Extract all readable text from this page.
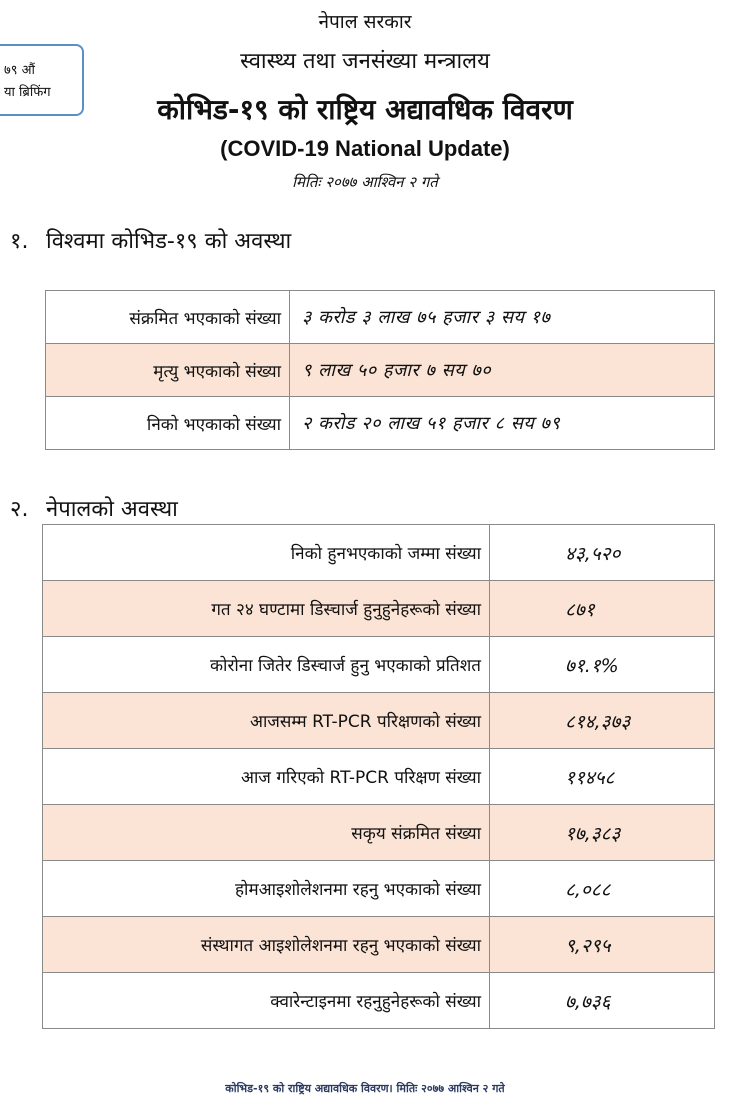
नेपाल सरकार
स्वास्थ्य तथा जनसंख्या मन्त्रालय
७९ औं
या ब्रिफिंग
कोभिड-१९ को राष्ट्रिय अद्यावधिक विवरण
(COVID-19 National Update)
मितिः २०७७ आश्विन २ गते
१. विश्वमा कोभिड-१९ को अवस्था
संक्रमित भएकाको संख्या	३ करोड ३ लाख ७५ हजार ३ सय १७
मृत्यु भएकाको संख्या	९ लाख ५० हजार ७ सय ७०
निको भएकाको संख्या	२ करोड २० लाख ५१ हजार ८ सय ७९
२. नेपालको अवस्था
निको हुनभएकाको जम्मा संख्या	४३,५२०
गत २४ घण्टामा डिस्चार्ज हुनुहुनेहरूको संख्या	८७१
कोरोना जितेर डिस्चार्ज हुनु भएकाको प्रतिशत	७१.१%
आजसम्म RT-PCR परिक्षणको संख्या	८१४,३७३
आज गरिएको RT-PCR परिक्षण संख्या	११४५८
सकृय संक्रमित संख्या	१७,३८३
होमआइशोलेशनमा रहनु भएकाको संख्या	८,०८८
संस्थागत आइशोलेशनमा रहनु भएकाको संख्या	९,२९५
क्वारेन्टाइनमा रहनुहुनेहरूको संख्या	७,७३६
कोभिड-१९ को राष्ट्रिय अद्यावधिक विवरण। मितिः २०७७ आश्विन २ गते
